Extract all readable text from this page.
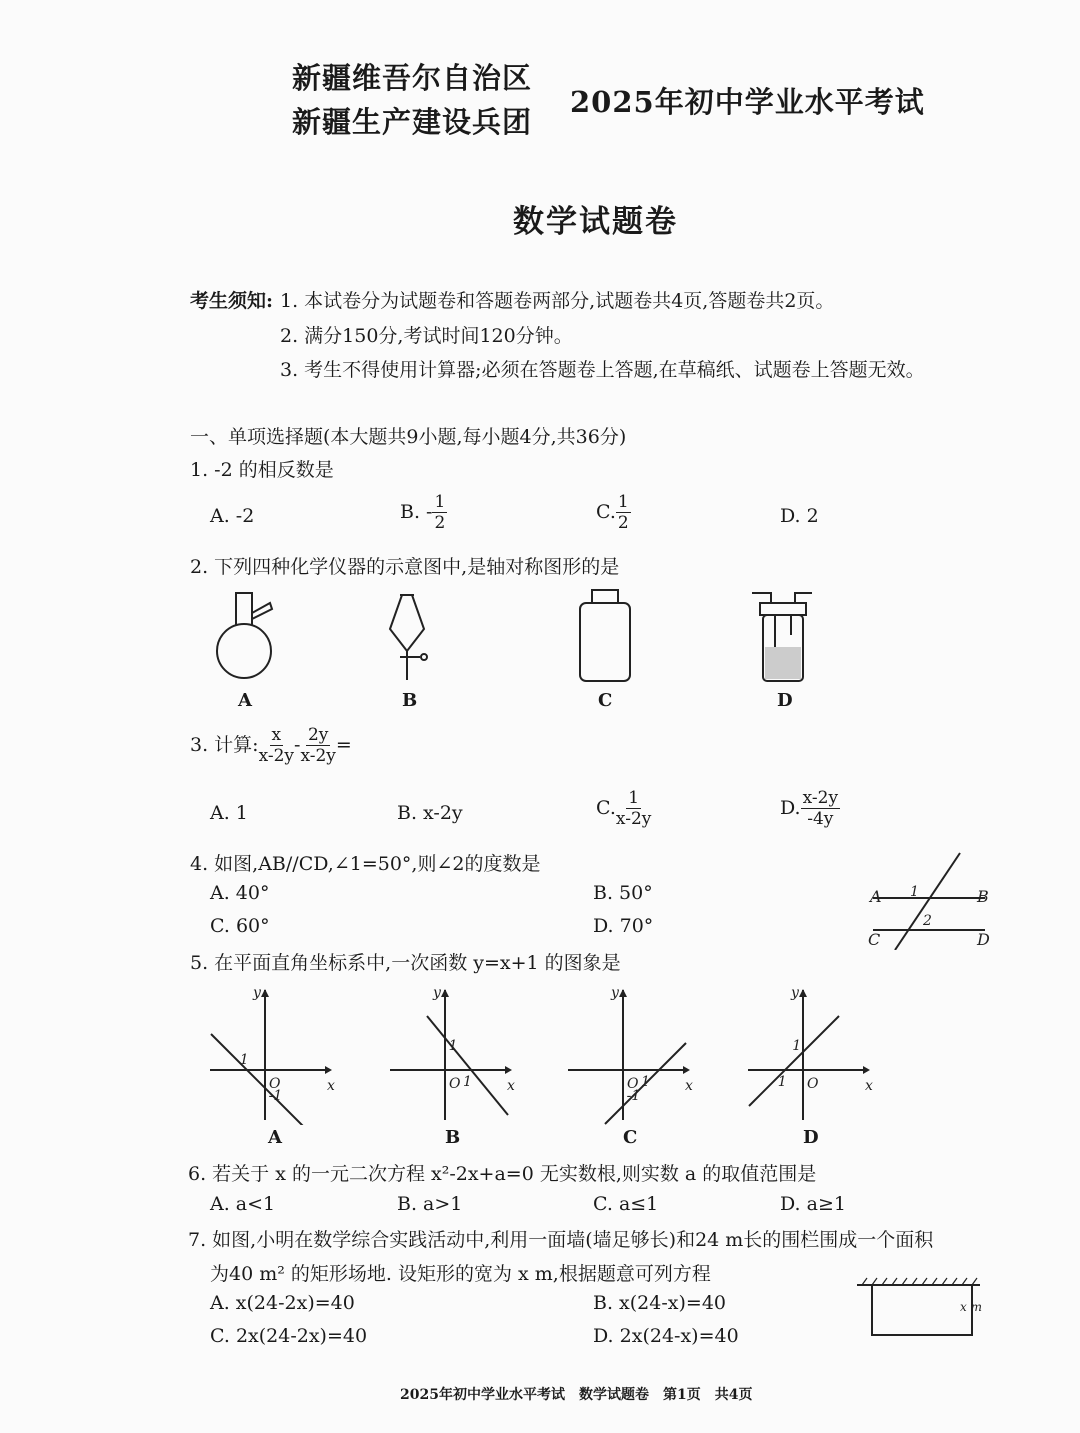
新疆维吾尔自治区
新疆生产建设兵团
2025年初中学业水平考试
数学试题卷
考生须知: 1. 本试卷分为试题卷和答题卷两部分,试题卷共4页,答题卷共2页。
2. 满分150分,考试时间120分钟。
3. 考生不得使用计算器;必须在答题卷上答题,在草稿纸、试题卷上答题无效。
一、单项选择题(本大题共9小题,每小题4分,共36分)
1. -2 的相反数是
A. -2	B. - $\frac{1}{2}$	C. $\frac{1}{2}$	D. 2
2. 下列四种化学仪器的示意图中,是轴对称图形的是
A	B	C	D
3. 计算: $\frac{x}{x-2y} - \frac{2y}{x-2y}$ =
A. 1	B. x-2y	C. $\frac{1}{x-2y}$	D. $\frac{x-2y}{-4y}$
4. 如图,AB//CD,∠1=50°,则∠2的度数是
A. 40°	B. 50°
C. 60°	D. 70°
A	B
C	D
1
2
5. 在平面直角坐标系中,一次函数 y=x+1 的图象是
x
y
O
1
-1
x
y
O
1
1	x
y
O 1
-1
x
y
O
1
1
A	B	C	D
6. 若关于 x 的一元二次方程 x²-2x+a=0 无实数根,则实数 a 的取值范围是
A. a<1	B. a>1	C. a≤1	D. a≥1
7. 如图,小明在数学综合实践活动中,利用一面墙(墙足够长)和24 m长的围栏围成一个面积
为40 m² 的矩形场地. 设矩形的宽为 x m,根据题意可列方程
A. x(24-2x)=40	B. x(24-x)=40
C. 2x(24-2x)=40	D. 2x(24-x)=40
x m
2025年初中学业水平考试　数学试题卷　第1页　共4页
